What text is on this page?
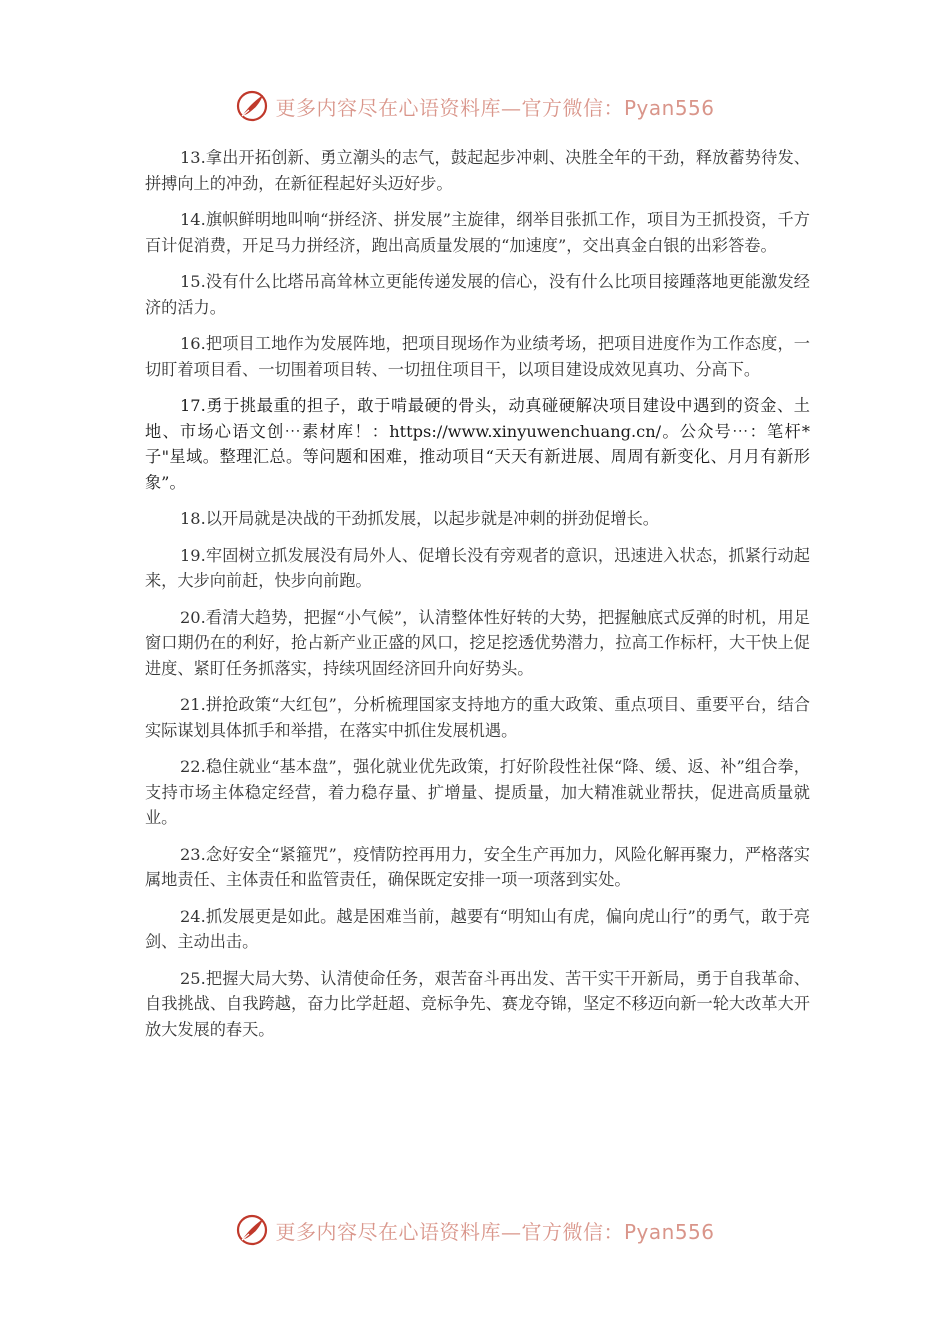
更多内容尽在心语资料库—官方微信：Pyan556

13.拿出开拓创新、勇立潮头的志气，鼓起起步冲刺、决胜全年的干劲，释放蓄势待发、拼搏向上的冲劲，在新征程起好头迈好步。

14.旗帜鲜明地叫响“拼经济、拼发展”主旋律，纲举目张抓工作，项目为王抓投资，千方百计促消费，开足马力拼经济，跑出高质量发展的“加速度”，交出真金白银的出彩答卷。

15.没有什么比塔吊高耸林立更能传递发展的信心，没有什么比项目接踵落地更能激发经济的活力。

16.把项目工地作为发展阵地，把项目现场作为业绩考场，把项目进度作为工作态度，一切盯着项目看、一切围着项目转、一切扭住项目干，以项目建设成效见真功、分高下。

17.勇于挑最重的担子，敢于啃最硬的骨头，动真碰硬解决项目建设中遇到的资金、土地、市场心语文创⋯素材库！：https://www.xinyuwenchuang.cn/。公众号⋯：笔杆*子"星域。整理汇总。等问题和困难，推动项目“天天有新进展、周周有新变化、月月有新形象”。

18.以开局就是决战的干劲抓发展，以起步就是冲刺的拼劲促增长。

19.牢固树立抓发展没有局外人、促增长没有旁观者的意识，迅速进入状态，抓紧行动起来，大步向前赶，快步向前跑。

20.看清大趋势，把握“小气候”，认清整体性好转的大势，把握触底式反弹的时机，用足窗口期仍在的利好，抢占新产业正盛的风口，挖足挖透优势潜力，拉高工作标杆，大干快上促进度、紧盯任务抓落实，持续巩固经济回升向好势头。

21.拼抢政策“大红包”，分析梳理国家支持地方的重大政策、重点项目、重要平台，结合实际谋划具体抓手和举措，在落实中抓住发展机遇。

22.稳住就业“基本盘”，强化就业优先政策，打好阶段性社保“降、缓、返、补”组合拳，支持市场主体稳定经营，着力稳存量、扩增量、提质量，加大精准就业帮扶，促进高质量就业。

23.念好安全“紧箍咒”，疫情防控再用力，安全生产再加力，风险化解再聚力，严格落实属地责任、主体责任和监管责任，确保既定安排一项一项落到实处。

24.抓发展更是如此。越是困难当前，越要有“明知山有虎，偏向虎山行”的勇气，敢于亮剑、主动出击。

25.把握大局大势、认清使命任务，艰苦奋斗再出发、苦干实干开新局，勇于自我革命、自我挑战、自我跨越，奋力比学赶超、竞标争先、赛龙夺锦，坚定不移迈向新一轮大改革大开放大发展的春天。

更多内容尽在心语资料库—官方微信：Pyan556
